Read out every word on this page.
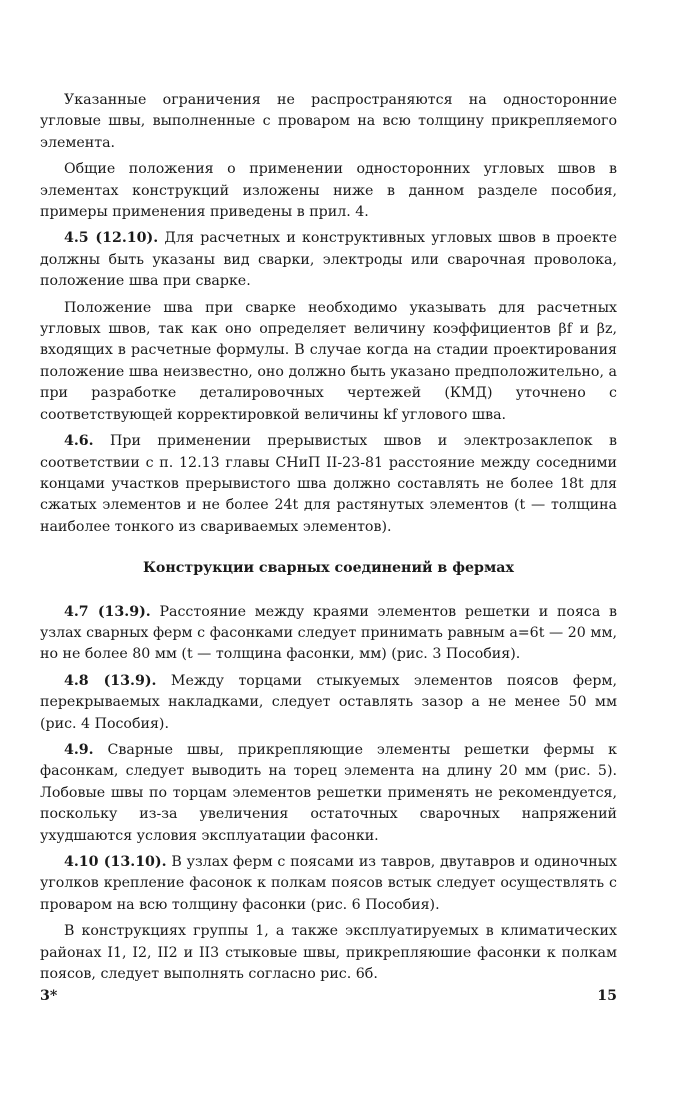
Указанные ограничения не распространяются на односторонние угловые швы, выполненные с проваром на всю толщину прикрепляемого элемента.

Общие положения о применении односторонних угловых швов в элементах конструкций изложены ниже в данном разделе пособия, примеры применения приведены в прил. 4.

4.5 (12.10). Для расчетных и конструктивных угловых швов в проекте должны быть указаны вид сварки, электроды или сварочная проволока, положение шва при сварке.

Положение шва при сварке необходимо указывать для расчетных угловых швов, так как оно определяет величину коэффициентов βf и βz, входящих в расчетные формулы. В случае когда на стадии проектирования положение шва неизвестно, оно должно быть указано предположительно, а при разработке деталировочных чертежей (КМД) уточнено с соответствующей корректировкой величины kf углового шва.

4.6. При применении прерывистых швов и электрозаклепок в соответствии с п. 12.13 главы СНиП II-23-81 расстояние между соседними концами участков прерывистого шва должно составлять не более 18t для сжатых элементов и не более 24t для растянутых элементов (t — толщина наиболее тонкого из свариваемых элементов).

Конструкции сварных соединений в фермах

4.7 (13.9). Расстояние между краями элементов решетки и пояса в узлах сварных ферм с фасонками следует принимать равным a=6t — 20 мм, но не более 80 мм (t — толщина фасонки, мм) (рис. 3 Пособия).

4.8 (13.9). Между торцами стыкуемых элементов поясов ферм, перекрываемых накладками, следует оставлять зазор a не менее 50 мм (рис. 4 Пособия).

4.9. Сварные швы, прикрепляющие элементы решетки фермы к фасонкам, следует выводить на торец элемента на длину 20 мм (рис. 5). Лобовые швы по торцам элементов решетки применять не рекомендуется, поскольку из-за увеличения остаточных сварочных напряжений ухудшаются условия эксплуатации фасонки.

4.10 (13.10). В узлах ферм с поясами из тавров, двутавров и одиночных уголков крепление фасонок к полкам поясов встык следует осуществлять с проваром на всю толщину фасонки (рис. 6 Пособия).

В конструкциях группы 1, а также эксплуатируемых в климатических районах I1, I2, II2 и II3 стыковые швы, прикрепляюшие фасонки к полкам поясов, следует выполнять согласно рис. 6б.

3*	15
